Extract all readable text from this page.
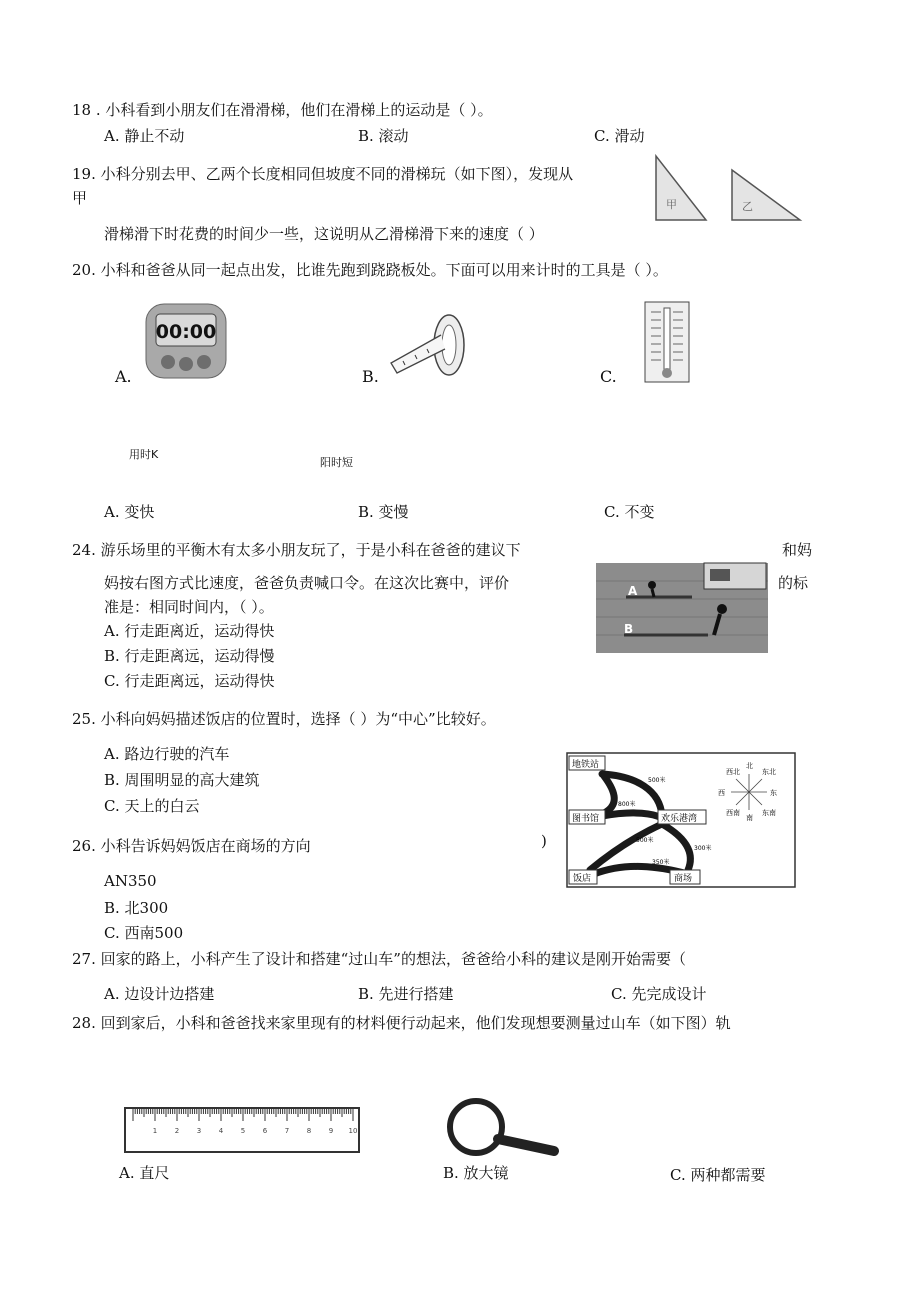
18 . 小科看到小朋友们在滑滑梯，他们在滑梯上的运动是（ ）。
A. 静止不动	B. 滚动	C. 滑动
19. 小科分别去甲、乙两个长度相同但坡度不同的滑梯玩（如下图），发现从
甲
滑梯滑下时花费的时间少一些，这说明从乙滑梯滑下来的速度（ ）
甲	乙
20. 小科和爸爸从同一起点出发，比谁先跑到跷跷板处。下面可以用来计时的工具是（ ）。
A.
00:00
B.	C.
用时K
阳时短
A. 变快	B. 变慢	C. 不变
24. 游乐场里的平衡木有太多小朋友玩了，于是小科在爸爸的建议下	和妈
妈按右图方式比速度，爸爸负责喊口令。在这次比赛中，评价	的标
准是：相同时间内，（ ）。
A. 行走距离近，运动得快
B. 行走距离远，运动得慢
C. 行走距离远，运动得快
A
B
25. 小科向妈妈描述饭店的位置时，选择（ ）为“中心”比较好。
A. 路边行驶的汽车
B. 周围明显的高大建筑
C. 天上的白云
地铁站
图书馆	欢乐港湾
饭店	商场
500米
800米
500米
300米
350米
西北
北
东北
西	东
西南
南
东南
)
26. 小科告诉妈妈饭店在商场的方向
AN350
B. 北300
C. 西南500
27. 回家的路上，小科产生了设计和搭建“过山车”的想法，爸爸给小科的建议是刚开始需要（
A. 边设计边搭建	B. 先进行搭建	C. 先完成设计
28. 回到家后，小科和爸爸找来家里现有的材料便行动起来，他们发现想要测量过山车（如下图）轨
1	2	3	4	5	6	7	8	9 10
A. 直尺	B. 放大镜	C. 两种都需要
